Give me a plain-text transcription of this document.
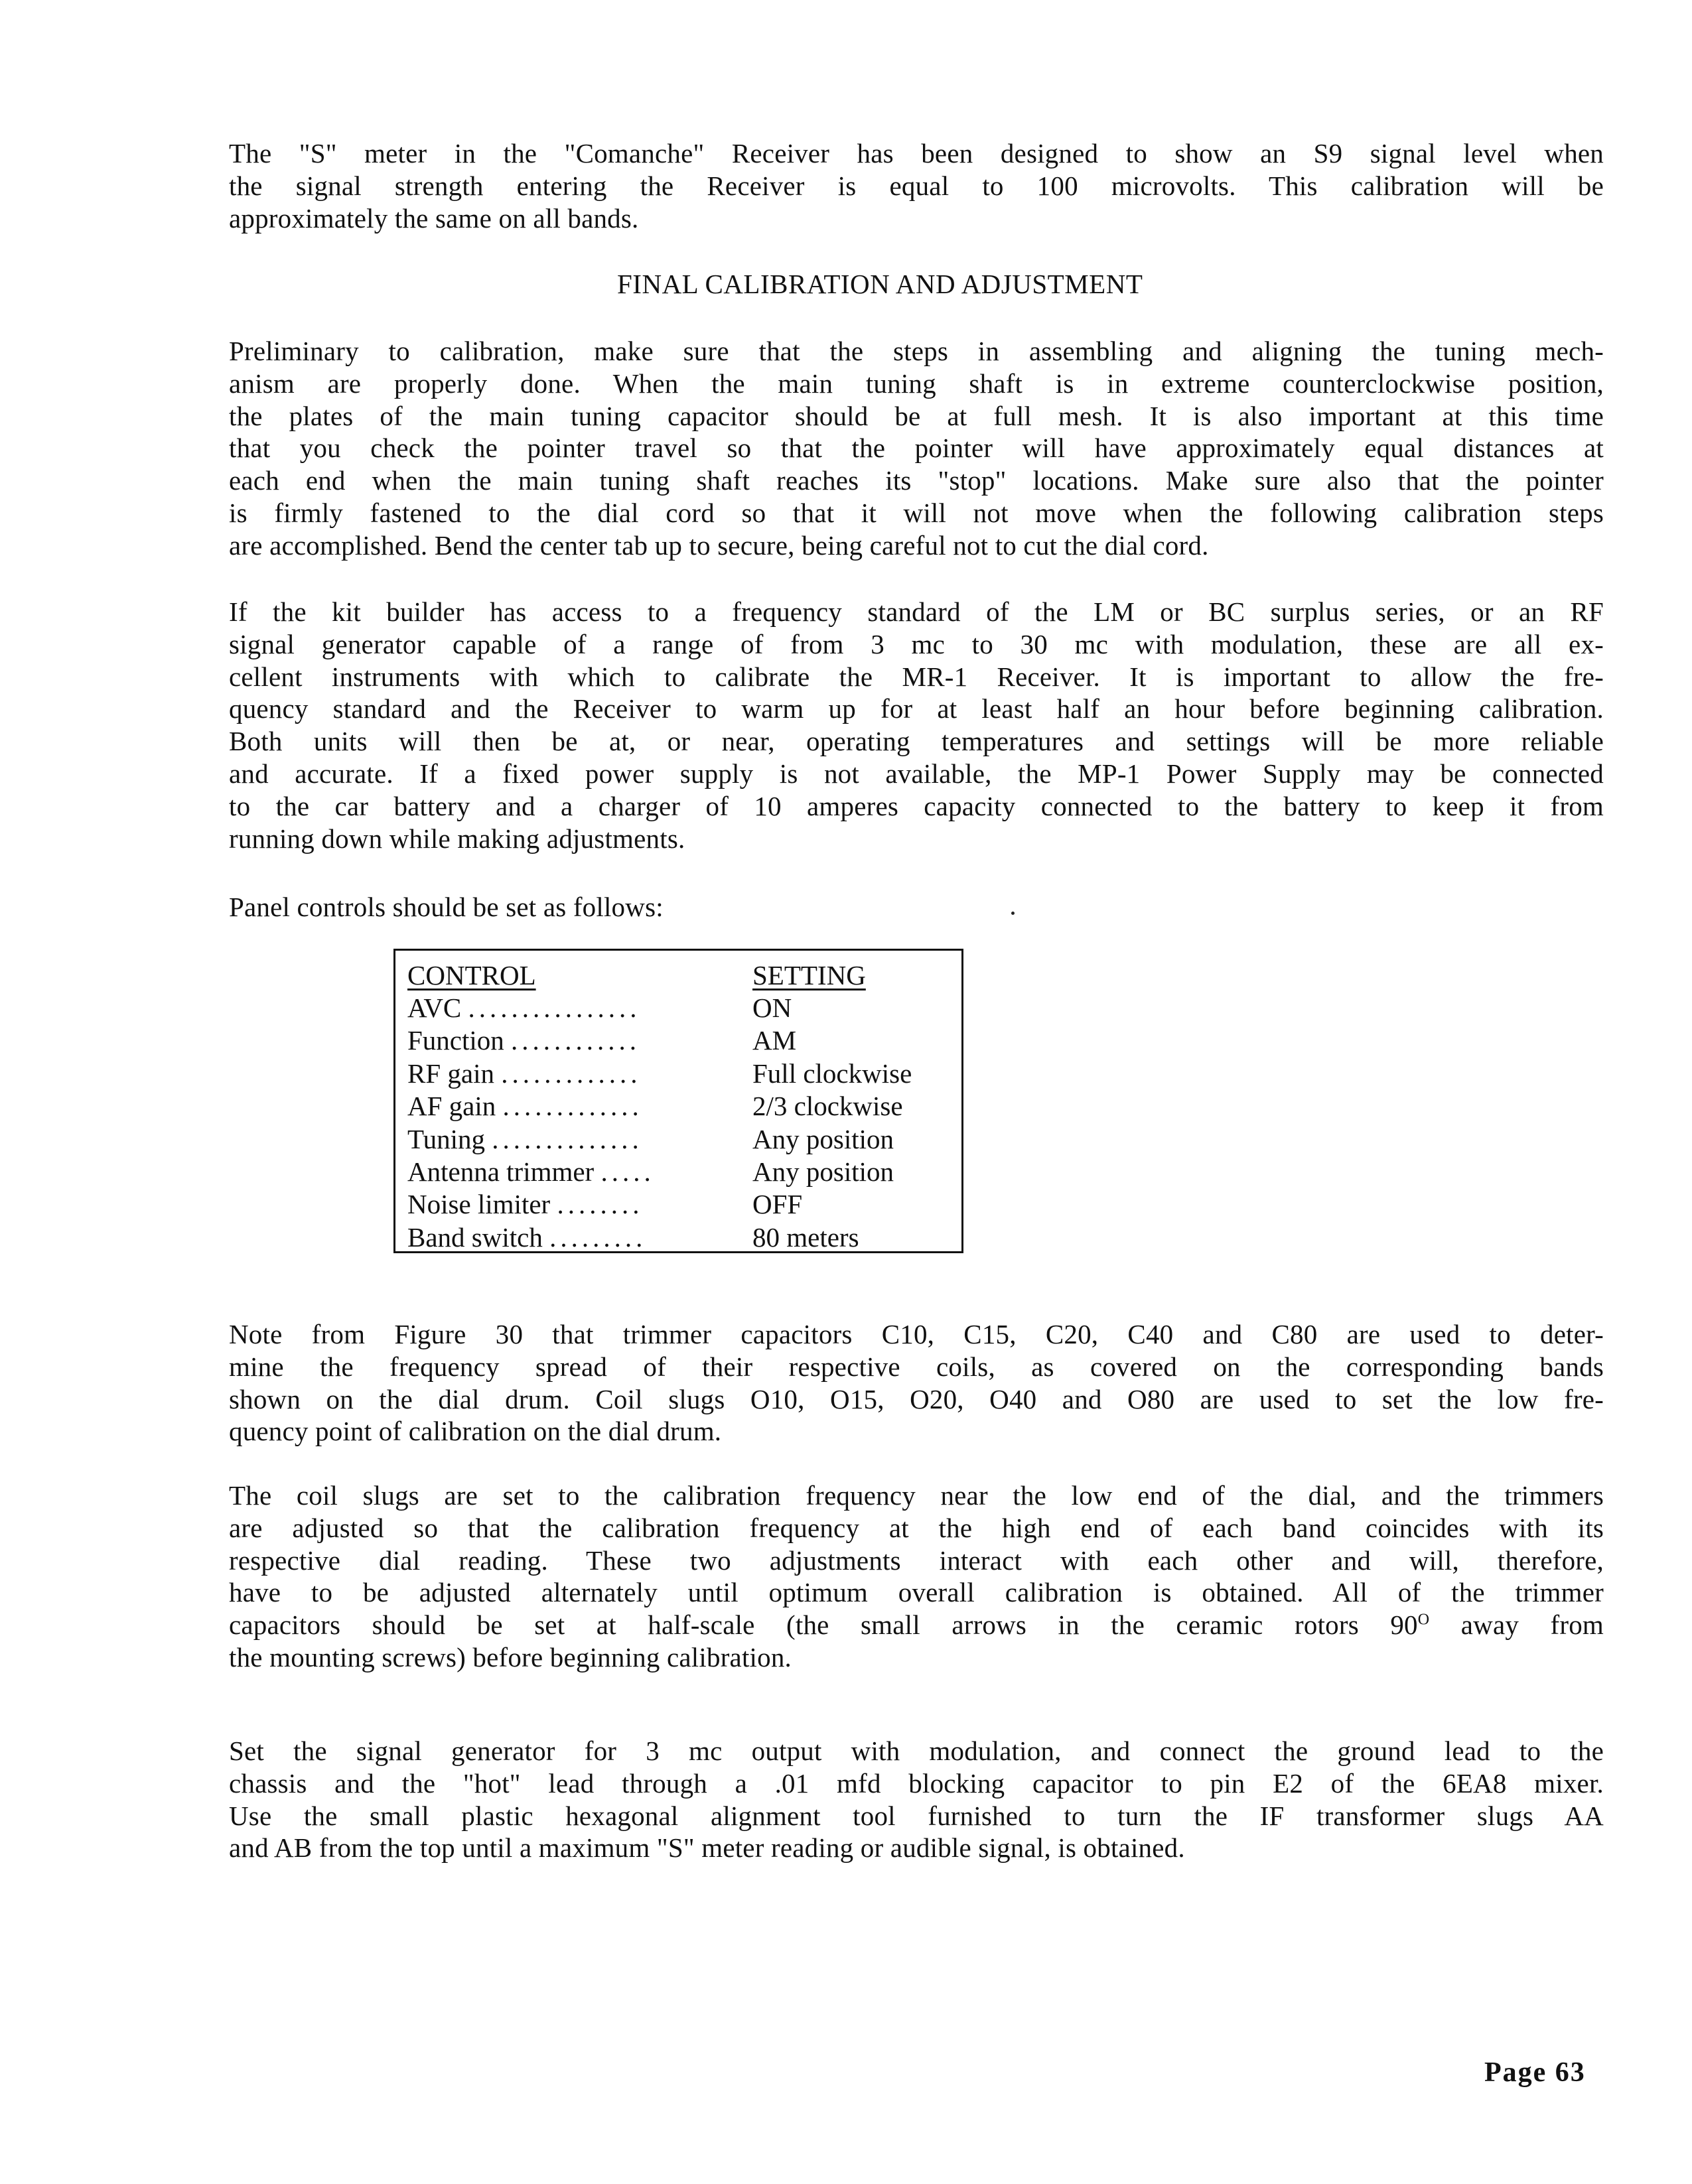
The "S" meter in the "Comanche" Receiver has been designed to show an S9 signal level when
the signal strength entering the Receiver is equal to 100 microvolts. This calibration will be
approximately the same on all bands.
FINAL CALIBRATION AND ADJUSTMENT
Preliminary to calibration, make sure that the steps in assembling and aligning the tuning mech-
anism are properly done. When the main tuning shaft is in extreme counterclockwise position,
the plates of the main tuning capacitor should be at full mesh. It is also important at this time
that you check the pointer travel so that the pointer will have approximately equal distances at
each end when the main tuning shaft reaches its "stop" locations. Make sure also that the pointer
is firmly fastened to the dial cord so that it will not move when the following calibration steps
are accomplished. Bend the center tab up to secure, being careful not to cut the dial cord.
If the kit builder has access to a frequency standard of the LM or BC surplus series, or an RF
signal generator capable of a range of from 3 mc to 30 mc with modulation, these are all ex-
cellent instruments with which to calibrate the MR-1 Receiver. It is important to allow the fre-
quency standard and the Receiver to warm up for at least half an hour before beginning calibration.
Both units will then be at, or near, operating temperatures and settings will be more reliable
and accurate. If a fixed power supply is not available, the MP-1 Power Supply may be connected
to the car battery and a charger of 10 amperes capacity connected to the battery to keep it from
running down while making adjustments.
Panel controls should be set as follows:
CONTROL	SETTING
AVC ................	ON
Function ............	AM
RF gain .............	Full clockwise
AF gain .............	2/3 clockwise
Tuning ..............	Any position
Antenna trimmer .....	Any position
Noise limiter ........	OFF
Band switch .........	80 meters
Note from Figure 30 that trimmer capacitors C10, C15, C20, C40 and C80 are used to deter-
mine the frequency spread of their respective coils, as covered on the corresponding bands
shown on the dial drum. Coil slugs O10, O15, O20, O40 and O80 are used to set the low fre-
quency point of calibration on the dial drum.
The coil slugs are set to the calibration frequency near the low end of the dial, and the trimmers
are adjusted so that the calibration frequency at the high end of each band coincides with its
respective dial reading. These two adjustments interact with each other and will, therefore,
have to be adjusted alternately until optimum overall calibration is obtained. All of the trimmer
capacitors should be set at half-scale (the small arrows in the ceramic rotors $90^O$ away from
the mounting screws) before beginning calibration.
Set the signal generator for 3 mc output with modulation, and connect the ground lead to the
chassis and the "hot" lead through a .01 mfd blocking capacitor to pin E2 of the 6EA8 mixer.
Use the small plastic hexagonal alignment tool furnished to turn the IF transformer slugs AA
and AB from the top until a maximum "S" meter reading or audible signal, is obtained.
Page 63
